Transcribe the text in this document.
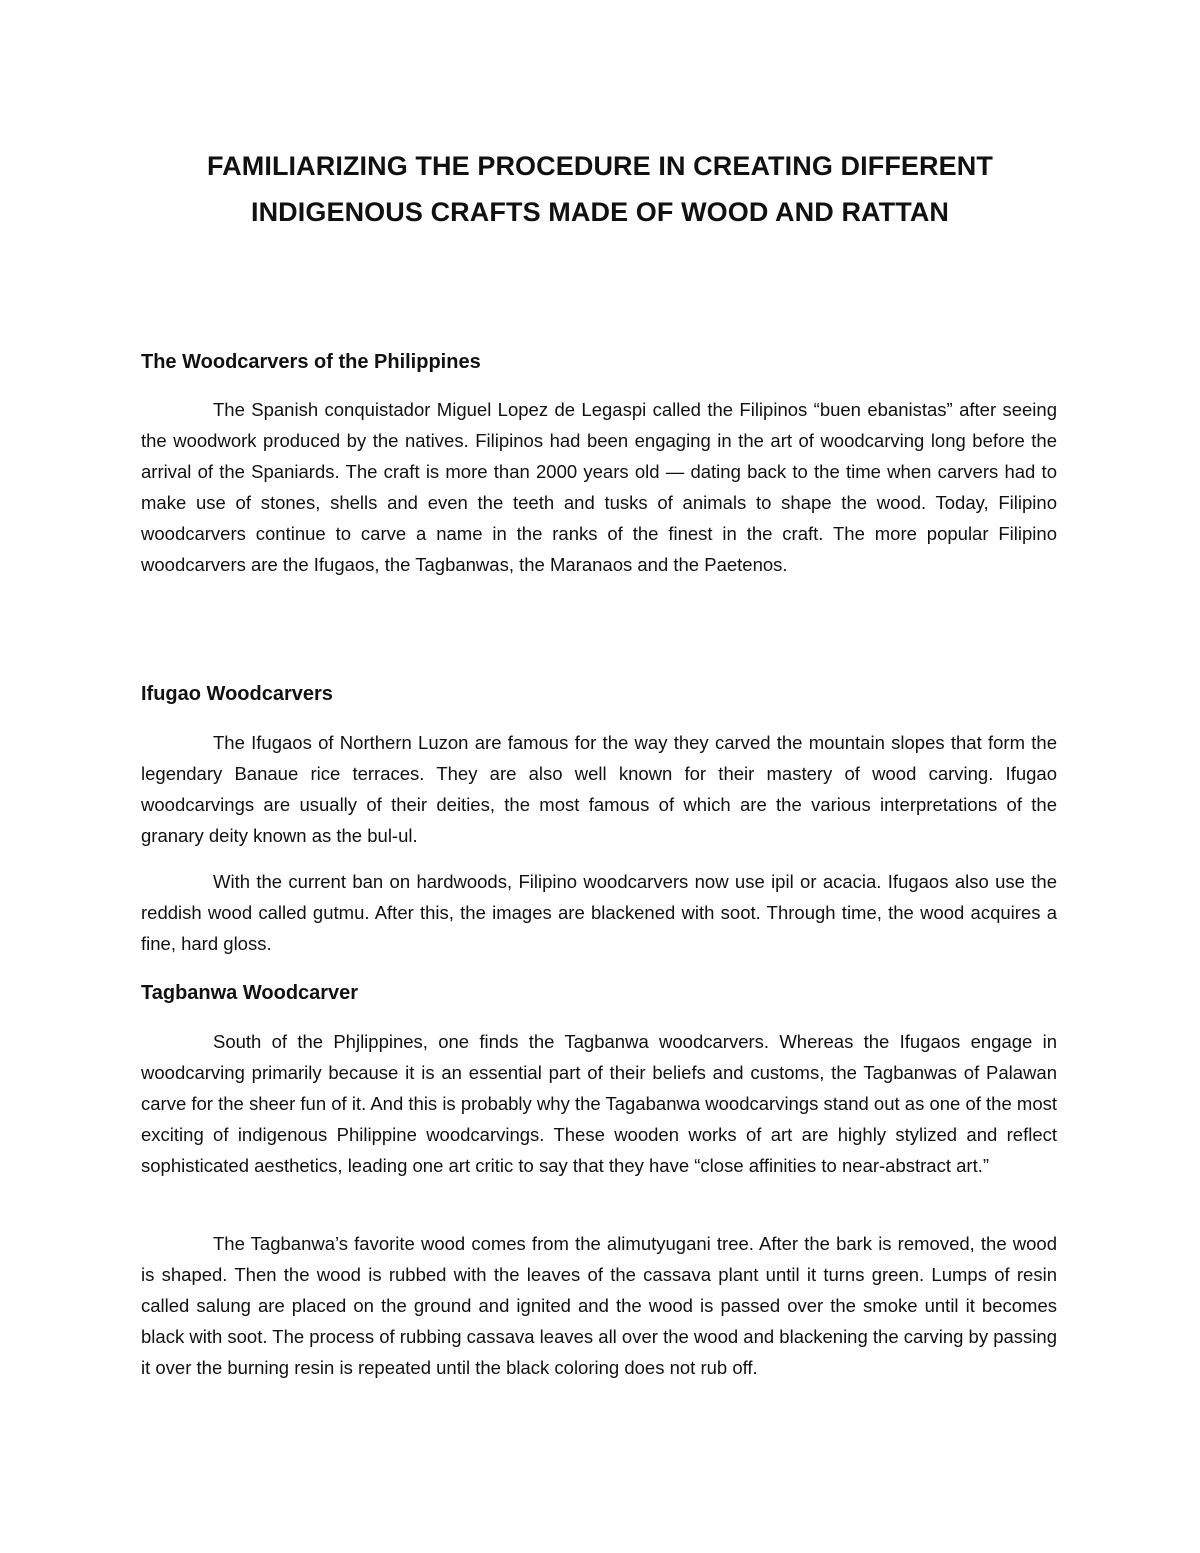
FAMILIARIZING THE PROCEDURE IN CREATING DIFFERENT
INDIGENOUS CRAFTS MADE OF WOOD AND RATTAN
The Woodcarvers of the Philippines

The Spanish conquistador Miguel Lopez de Legaspi called the Filipinos “buen ebanistas” after seeing the woodwork produced by the natives. Filipinos had been engaging in the art of woodcarving long before the arrival of the Spaniards. The craft is more than 2000 years old — dating back to the time when carvers had to make use of stones, shells and even the teeth and tusks of animals to shape the wood. Today, Filipino woodcarvers continue to carve a name in the ranks of the finest in the craft. The more popular Filipino woodcarvers are the Ifugaos, the Tagbanwas, the Maranaos and the Paetenos.

Ifugao Woodcarvers

The Ifugaos of Northern Luzon are famous for the way they carved the mountain slopes that form the legendary Banaue rice terraces. They are also well known for their mastery of wood carving. Ifugao woodcarvings are usually of their deities, the most famous of which are the various interpretations of the granary deity known as the bul-ul.

With the current ban on hardwoods, Filipino woodcarvers now use ipil or acacia. Ifugaos also use the reddish wood called gutmu. After this, the images are blackened with soot. Through time, the wood acquires a fine, hard gloss.

Tagbanwa Woodcarver

South of the Phjlippines, one finds the Tagbanwa woodcarvers. Whereas the Ifugaos engage in woodcarving primarily because it is an essential part of their beliefs and customs, the Tagbanwas of Palawan carve for the sheer fun of it. And this is probably why the Tagabanwa woodcarvings stand out as one of the most exciting of indigenous Philippine woodcarvings. These wooden works of art are highly stylized and reflect sophisticated aesthetics, leading one art critic to say that they have “close affinities to near-abstract art.”

The Tagbanwa’s favorite wood comes from the alimutyugani tree. After the bark is removed, the wood is shaped. Then the wood is rubbed with the leaves of the cassava plant until it turns green. Lumps of resin called salung are placed on the ground and ignited and the wood is passed over the smoke until it becomes black with soot. The process of rubbing cassava leaves all over the wood and blackening the carving by passing it over the burning resin is repeated until the black coloring does not rub off.
